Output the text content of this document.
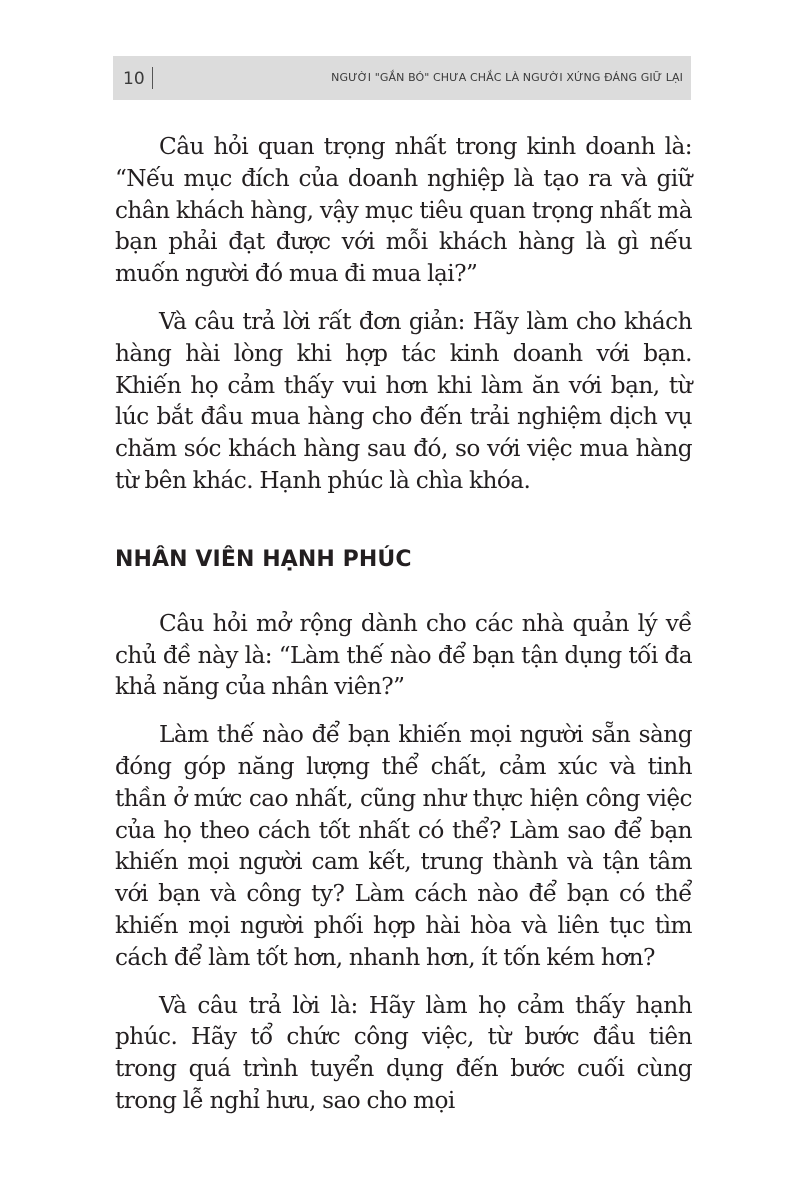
10	NGƯỜI "GẮN BÓ" CHƯA CHẮC LÀ NGƯỜI XỨNG ĐÁNG GIỮ LẠI

Câu hỏi quan trọng nhất trong kinh doanh là: “Nếu mục đích của doanh nghiệp là tạo ra và giữ chân khách hàng, vậy mục tiêu quan trọng nhất mà bạn phải đạt được với mỗi khách hàng là gì nếu muốn người đó mua đi mua lại?”

Và câu trả lời rất đơn giản: Hãy làm cho khách hàng hài lòng khi hợp tác kinh doanh với bạn. Khiến họ cảm thấy vui hơn khi làm ăn với bạn, từ lúc bắt đầu mua hàng cho đến trải nghiệm dịch vụ chăm sóc khách hàng sau đó, so với việc mua hàng từ bên khác. Hạnh phúc là chìa khóa.

NHÂN VIÊN HẠNH PHÚC

Câu hỏi mở rộng dành cho các nhà quản lý về chủ đề này là: “Làm thế nào để bạn tận dụng tối đa khả năng của nhân viên?”

Làm thế nào để bạn khiến mọi người sẵn sàng đóng góp năng lượng thể chất, cảm xúc và tinh thần ở mức cao nhất, cũng như thực hiện công việc của họ theo cách tốt nhất có thể? Làm sao để bạn khiến mọi người cam kết, trung thành và tận tâm với bạn và công ty? Làm cách nào để bạn có thể khiến mọi người phối hợp hài hòa và liên tục tìm cách để làm tốt hơn, nhanh hơn, ít tốn kém hơn?

Và câu trả lời là: Hãy làm họ cảm thấy hạnh phúc. Hãy tổ chức công việc, từ bước đầu tiên trong quá trình tuyển dụng đến bước cuối cùng trong lễ nghỉ hưu, sao cho mọi
